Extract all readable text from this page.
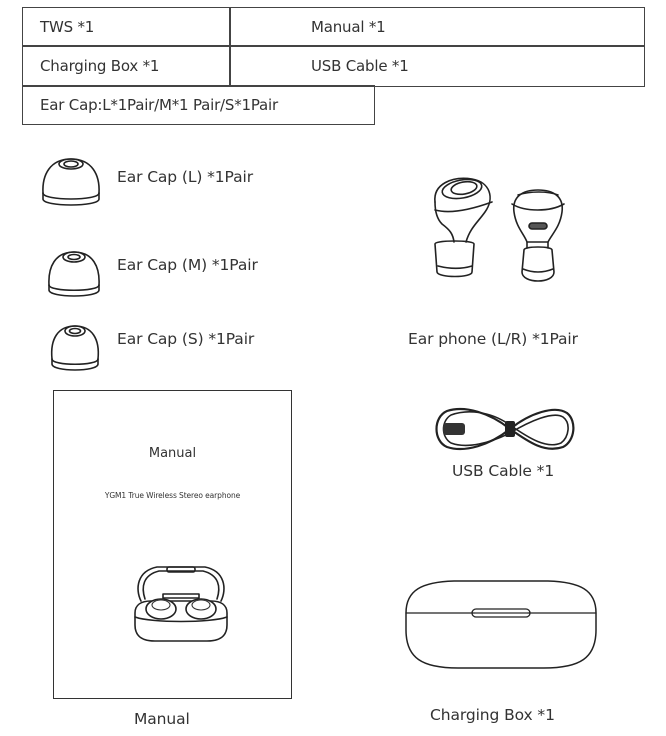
TWS *1	Manual *1
Charging Box *1	USB Cable *1
Ear Cap:L*1Pair/M*1 Pair/S*1Pair
Ear Cap (L) *1Pair
Ear Cap (M) *1Pair
Ear Cap (S) *1Pair	Ear phone (L/R) *1Pair
USB Cable *1
Manual
YGM1 True Wireless Stereo earphone
Manual	Charging Box *1
